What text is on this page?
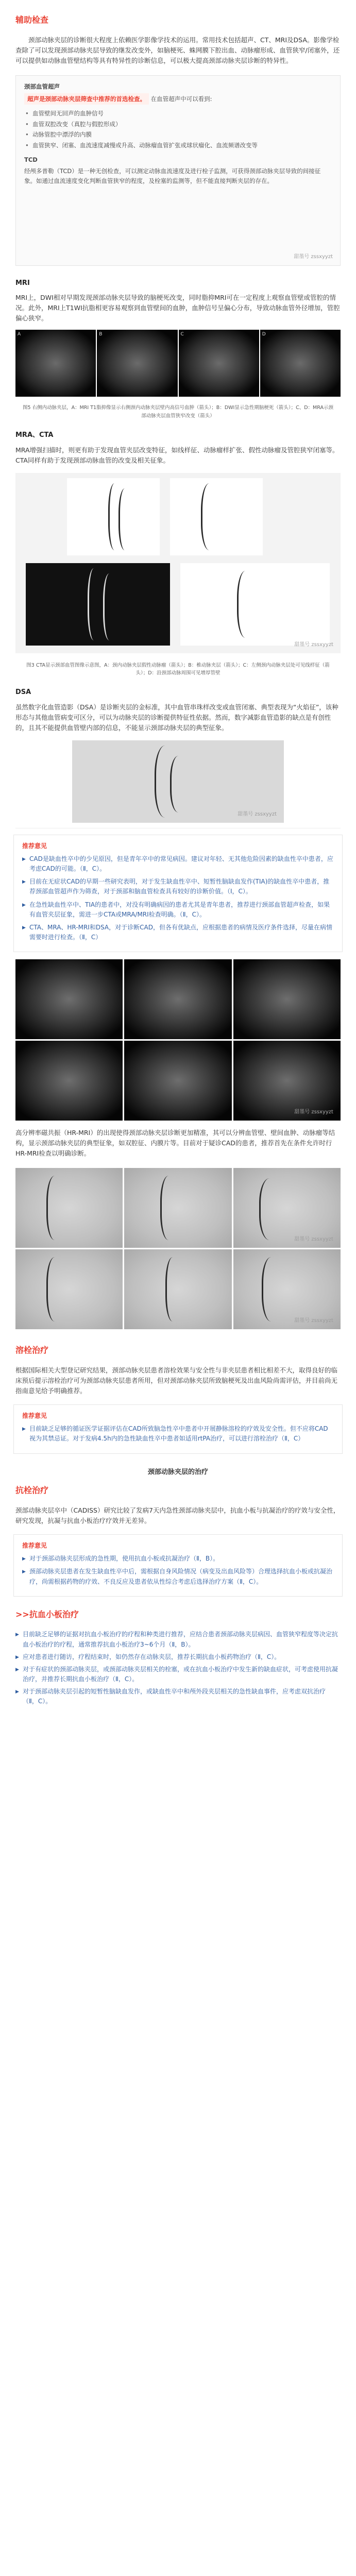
辅助检查
颈部动脉夹层的诊断很大程度上依赖医学影像学技术的运用。常用技术包括超声、CT、MRI及DSA。影像学检查除了可以发现颈部动脉夹层导致的继发改变外，如脑梗死、蛛网膜下腔出血、动脉瘤形成、血管狭窄/闭塞外，还可以提供如动脉血管壁结构等具有特异性的诊断信息，可以极大提高颈部动脉夹层诊断的特异性。
颈部血管超声
超声是颈部动脉夹层筛查中推荐的首选检查。 在血管超声中可以看到:
• 血管壁间无回声的血肿信号
• 血管双腔改变（真腔与假腔形成）
• 动脉管腔中漂浮的内膜
• 血管狭窄、闭塞、血流速度减慢或升高、动脉瘤血管扩张或球状瘤化、血流频谱改变等
TCD
经颅多普勒（TCD）是一种无创检查，可以测定动脉血流速度及进行栓子监测，可获得颈部动脉夹层导致的间接征象。如通过血流速度变化判断血管狭窄的程度，及栓塞的监测等，但不能直接判断夹层的存在。
甜墨号 zssxyyzt
MRI
MRI上，DWI相对早期发现颈部动脉夹层导致的脑梗死改变，同时脂抑MRI可在一定程度上观察血管壁或管腔的情况。此外，MRI上T1WI抗脂相更容易观察到血管壁间的血肿，血肿信号呈偏心分布，导致动脉血管外径增加，管腔偏心狭窄。
A	B	C	D
图5 右侧内动脉夹层，A：MRI T1脂抑像显示右侧颈内动脉夹层壁内高信号血肿（箭头）；B：DWI显示急性期脑梗死（箭头）；C、D：MRA示颈部动脉夹层血管狭窄改变（箭头）
MRA、CTA
MRA增强扫描时，则更有助于发现血管夹层改变特征，如线样征、动脉瘤样扩张、假性动脉瘤及管腔狭窄闭塞等。CTA同样有助于发现颈部动脉血管的改变及相关征象。
甜墨号 zssxyyzt
图3 CTA显示颈部血管图像示意图，A：颈内动脉夹层假性动脉瘤（箭头）；B：椎动脉夹层（箭头）；C：左侧颈内动脉夹层处可见线样征（箭头）；D：沿颈部动脉周围可见增厚管壁
DSA
虽然数字化血管造影（DSA）是诊断夹层的金标准，其中血管串珠样改变或血管闭塞、典型表现为“火焰征”，该种形态与其他血管病变可区分，可以为动脉夹层的诊断提供特征性依据。然而，数字减影血管造影的缺点是有创性的，且其不能提供血管壁内部的信息，不能显示颈部动脉夹层的典型征象。
甜墨号 zssxyyzt
推荐意见
▶ CAD是缺血性卒中的少见原因，但是青年卒中的常见病因。建议对年轻、无其他危险因素的缺血性卒中患者，应考虑CAD的可能。（Ⅱ，C）。
▶ 目前在无症状CAD的早期一些研究表明，对于发生缺血性卒中、短暂性脑缺血发作(TIA)的缺血性卒中患者，推荐颈部血管超声作为筛查，对于颈部和脑血管检查具有较好的诊断价值。（Ⅰ，C）。
▶ 在急性缺血性卒中、TIA的患者中，对没有明确病因的患者尤其是青年患者，推荐进行颈部血管超声检查，如果有血管夹层征象，需进一步CTA或MRA/MRI检查明确。（Ⅱ，C）。
▶ CTA、MRA、HR-MRI和DSA，对于诊断CAD，但各有优缺点，应根据患者的病情及医疗条件选择，尽量在病情需要时进行检查。（Ⅱ，C）
甜墨号 zssxyyzt
高分辨率磁共振（HR-MRI）的出现使得颈部动脉夹层诊断更加精准，其可以分辨血管壁、壁间血肿、动脉瘤等结构，显示颈部动脉夹层的典型征象，如双腔征、内膜片等。目前对于疑诊CAD的患者，推荐首先在条件允许时行HR-MRI检查以明确诊断。
甜墨号 zssxyyzt
甜墨号 zssxyyzt
溶栓治疗
根据国际相关大型登记研究结果，颈部动脉夹层患者溶栓效果与安全性与非夹层患者相比相差不大，取得良好的临床预后提示溶栓治疗可为颈部动脉夹层患者所用，但对颈部动脉夹层所致脑梗死及出血风险尚需评估，并目前尚无指南意见给予明确推荐。
推荐意见
▶ 目前缺乏足够的循证医学证据评估在CAD所致脑急性卒中患者中开展静脉溶栓的疗效及安全性。但不应将CAD视为其禁忌证。对于发病4.5h内的急性缺血性卒中患者如适用rtPA治疗，可以进行溶栓治疗（Ⅱ，C）
颈部动脉夹层的治疗
抗栓治疗
颈部动脉夹层卒中（CADISS）研究比较了发病7天内急性颈部动脉夹层中，抗血小板与抗凝治疗的疗效与安全性，研究发现，抗凝与抗血小板治疗疗效并无差异。
推荐意见
▶ 对于颈部动脉夹层形成的急性期，使用抗血小板或抗凝治疗（Ⅱ，B）。
▶ 颈部动脉夹层患者在发生缺血性卒中后，需根据自身风险情况（病变及出血风险等）合理选择抗血小板或抗凝治疗，尚需根据药物的疗效、不良反应及患者依从性综合考虑后选择治疗方案（Ⅱ，C）。
>>抗血小板治疗
▶ 目前缺乏足够的证据对抗血小板治疗的疗程和种类进行推荐，应结合患者颈部动脉夹层病因、血管狭窄程度等决定抗血小板治疗的疗程，通常推荐抗血小板治疗3~6个月（Ⅱ，B）。
▶ 应对患者进行随访，疗程结束时，如仍然存在动脉夹层，推荐长期抗血小板药物治疗（Ⅱ，C）。
▶ 对于有症状的颈部动脉夹层，或颈部动脉夹层相关的栓塞，或在抗血小板治疗中发生新的缺血症状，可考虑使用抗凝治疗，并推荐长期抗血小板治疗（Ⅱ，C）。
▶ 对于颈部动脉夹层引起的短暂性脑缺血发作，或缺血性卒中和颅外段夹层相关的急性缺血事件，应考虑双抗治疗（Ⅱ，C）。
